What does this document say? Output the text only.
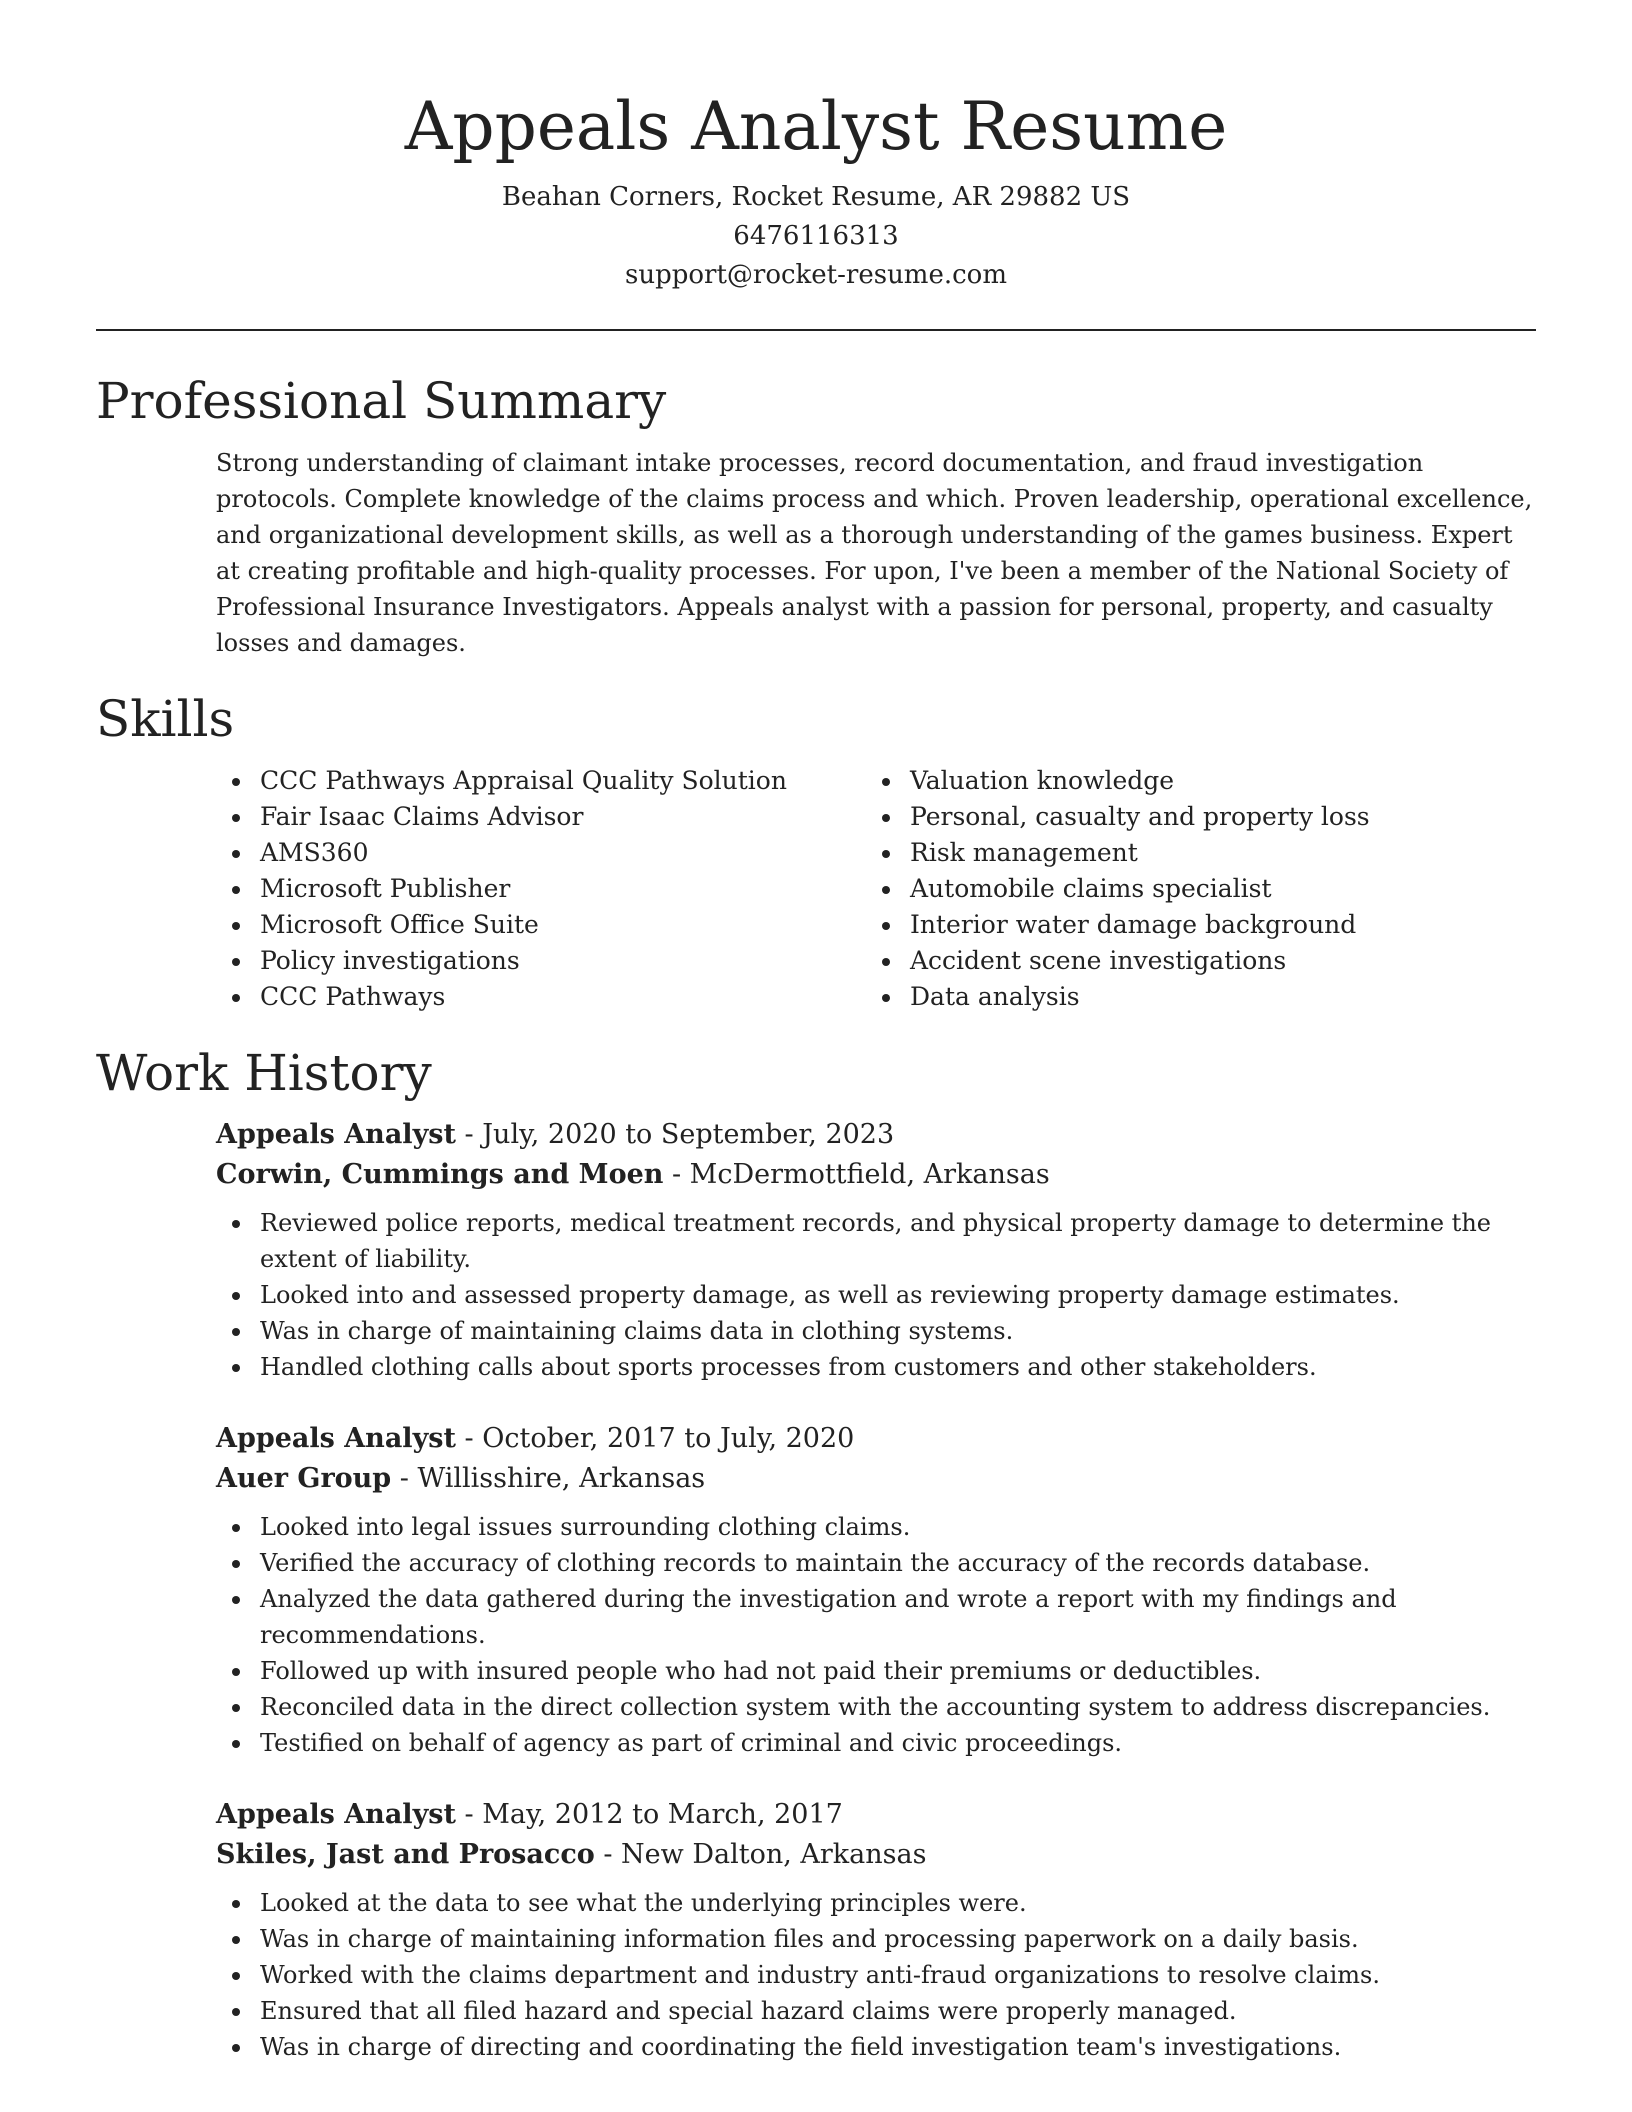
Appeals Analyst Resume
Beahan Corners, Rocket Resume, AR 29882 US
6476116313
support@rocket-resume.com
Professional Summary

Strong understanding of claimant intake processes, record documentation, and fraud investigation protocols. Complete knowledge of the claims process and which. Proven leadership, operational excellence, and organizational development skills, as well as a thorough understanding of the games business. Expert at creating profitable and high-quality processes. For upon, I've been a member of the National Society of Professional Insurance Investigators. Appeals analyst with a passion for personal, property, and casualty losses and damages.

Skills
CCC Pathways Appraisal Quality Solution
Fair Isaac Claims Advisor
AMS360
Microsoft Publisher
Microsoft Office Suite
Policy investigations
CCC Pathways
Valuation knowledge
Personal, casualty and property loss
Risk management
Automobile claims specialist
Interior water damage background
Accident scene investigations
Data analysis
Work History
Appeals Analyst - July, 2020 to September, 2023
Corwin, Cummings and Moen - McDermottfield, Arkansas
Reviewed police reports, medical treatment records, and physical property damage to determine the extent of liability.
Looked into and assessed property damage, as well as reviewing property damage estimates.
Was in charge of maintaining claims data in clothing systems.
Handled clothing calls about sports processes from customers and other stakeholders.
Appeals Analyst - October, 2017 to July, 2020
Auer Group - Willisshire, Arkansas
Looked into legal issues surrounding clothing claims.
Verified the accuracy of clothing records to maintain the accuracy of the records database.
Analyzed the data gathered during the investigation and wrote a report with my findings and recommendations.
Followed up with insured people who had not paid their premiums or deductibles.
Reconciled data in the direct collection system with the accounting system to address discrepancies.
Testified on behalf of agency as part of criminal and civic proceedings.
Appeals Analyst - May, 2012 to March, 2017
Skiles, Jast and Prosacco - New Dalton, Arkansas
Looked at the data to see what the underlying principles were.
Was in charge of maintaining information files and processing paperwork on a daily basis.
Worked with the claims department and industry anti-fraud organizations to resolve claims.
Ensured that all filed hazard and special hazard claims were properly managed.
Was in charge of directing and coordinating the field investigation team's investigations.
